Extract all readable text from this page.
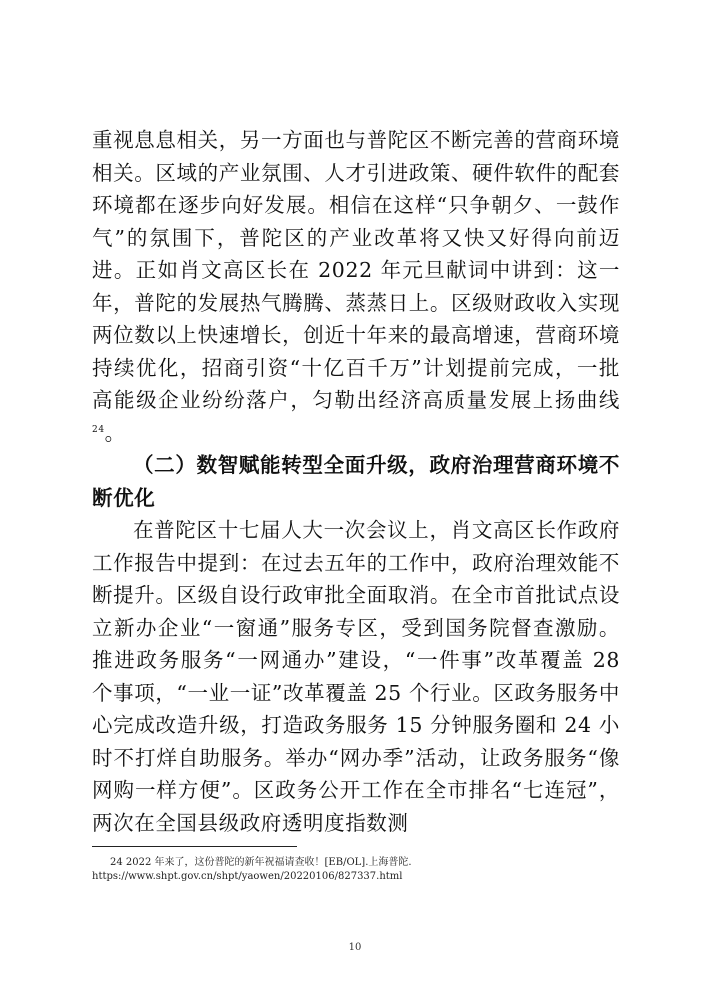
重视息息相关，另一方面也与普陀区不断完善的营商环境相关。区域的产业氛围、人才引进政策、硬件软件的配套环境都在逐步向好发展。相信在这样“只争朝夕、一鼓作气”的氛围下，普陀区的产业改革将又快又好得向前迈进。正如肖文高区长在 2022 年元旦献词中讲到：这一年，普陀的发展热气腾腾、蒸蒸日上。区级财政收入实现两位数以上快速增长，创近十年来的最高增速，营商环境持续优化，招商引资“十亿百千万”计划提前完成，一批高能级企业纷纷落户，匀勒出经济高质量发展上扬曲线$^{24}$。

（二）数智赋能转型全面升级，政府治理营商环境不断优化

在普陀区十七届人大一次会议上，肖文高区长作政府工作报告中提到：在过去五年的工作中，政府治理效能不断提升。区级自设行政审批全面取消。在全市首批试点设立新办企业“一窗通”服务专区，受到国务院督查激励。推进政务服务“一网通办”建设，“一件事”改革覆盖 28 个事项，“一业一证”改革覆盖 25 个行业。区政务服务中心完成改造升级，打造政务服务 15 分钟服务圈和 24 小时不打烊自助服务。举办“网办季”活动，让政务服务“像网购一样方便”。区政务公开工作在全市排名“七连冠”，两次在全国县级政府透明度指数测

24 2022 年来了，这份普陀的新年祝福请查收！[EB/OL].上海普陀.
https://www.shpt.gov.cn/shpt/yaowen/20220106/827337.html
10
